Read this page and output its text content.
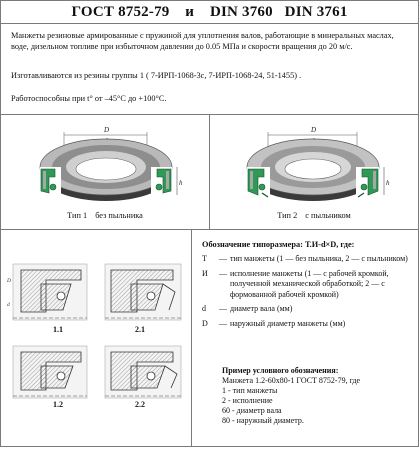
ГОСТ 8752-79 и DIN 3760 DIN 3761

Манжеты резиновые армированные с пружиной для уплотнения валов, работающие в минеральных маслах, воде, дизельном топливе при избыточном давлении до 0.05 МПа и скорости вращения до 20 м/с.

Изготавливаются из резины группы 1 ( 7-ИРП-1068-3с, 7-ИРП-1068-24, 51-1455) .

Работоспособны при t° от –45°C до +100°C.

D
h
Тип 1 без пыльника
D
h
Тип 2 с пыльником
D
d
1.1	2.1
1.2	2.2
Обозначение типоразмера: Т.И-d×D, где:
Т	— тип манжеты (1 — без пыльника, 2 — с пыльником)
И	— исполнение манжеты (1 — с рабочей кромкой, полученной механической обработкой; 2 — с формованной рабочей кромкой)
d	— диаметр вала (мм)
D	— наружный диаметр манжеты (мм)
Пример условного обозначения:
Манжета 1.2-60х80-1 ГОСТ 8752-79, где
1 - тип манжеты
2 - исполнение
60 - диаметр вала
80 - наружный диаметр.
